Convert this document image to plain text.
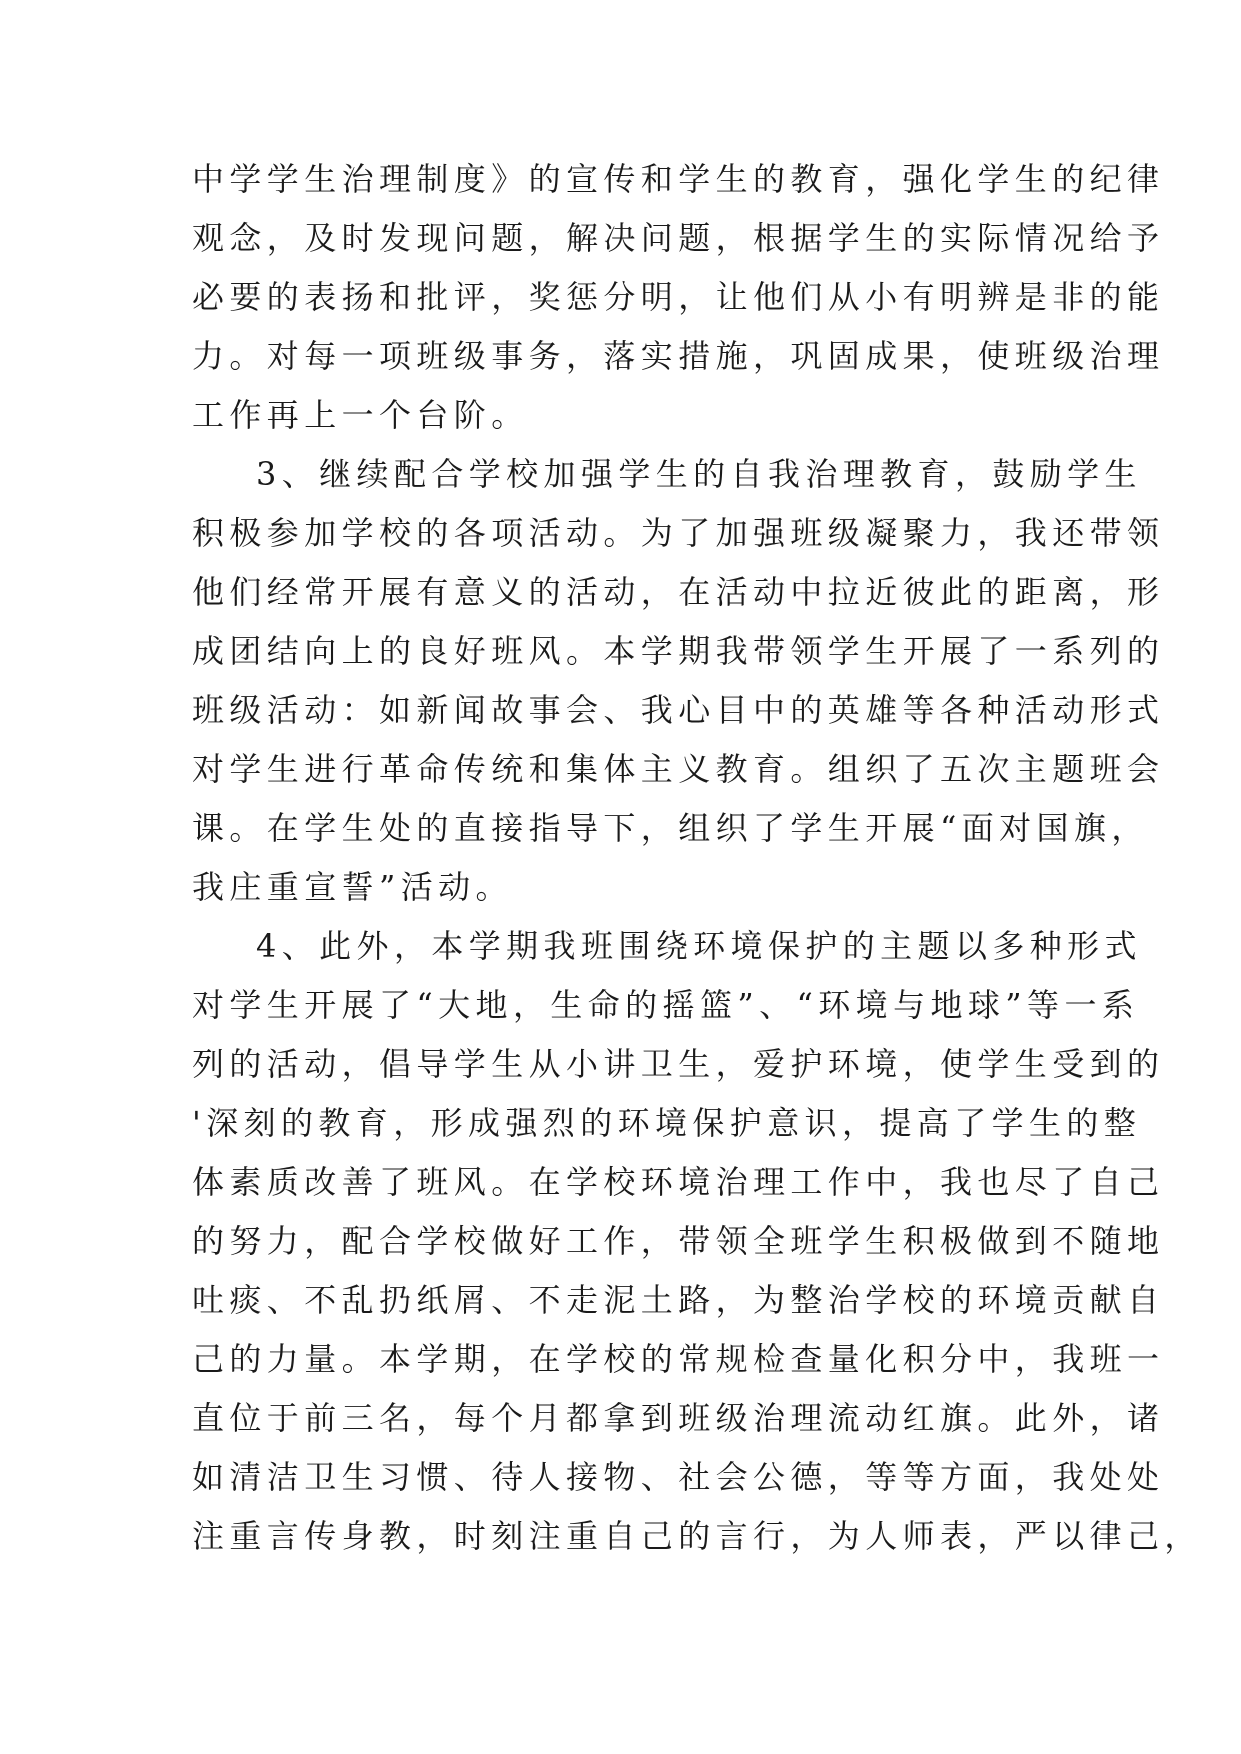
中学学生治理制度》的宣传和学生的教育，强化学生的纪律
观念，及时发现问题，解决问题，根据学生的实际情况给予
必要的表扬和批评，奖惩分明，让他们从小有明辨是非的能
力。对每一项班级事务，落实措施，巩固成果，使班级治理
工作再上一个台阶。
3、继续配合学校加强学生的自我治理教育，鼓励学生
积极参加学校的各项活动。为了加强班级凝聚力，我还带领
他们经常开展有意义的活动，在活动中拉近彼此的距离，形
成团结向上的良好班风。本学期我带领学生开展了一系列的
班级活动：如新闻故事会、我心目中的英雄等各种活动形式
对学生进行革命传统和集体主义教育。组织了五次主题班会
课。在学生处的直接指导下，组织了学生开展“面对国旗，
我庄重宣誓”活动。
4、此外，本学期我班围绕环境保护的主题以多种形式
对学生开展了“大地，生命的摇篮”、“环境与地球”等一系
列的活动，倡导学生从小讲卫生，爱护环境，使学生受到的
'深刻的教育，形成强烈的环境保护意识，提高了学生的整
体素质改善了班风。在学校环境治理工作中，我也尽了自己
的努力，配合学校做好工作，带领全班学生积极做到不随地
吐痰、不乱扔纸屑、不走泥土路，为整治学校的环境贡献自
己的力量。本学期，在学校的常规检查量化积分中，我班一
直位于前三名，每个月都拿到班级治理流动红旗。此外，诸
如清洁卫生习惯、待人接物、社会公德，等等方面，我处处
注重言传身教，时刻注重自己的言行，为人师表，严以律己，
